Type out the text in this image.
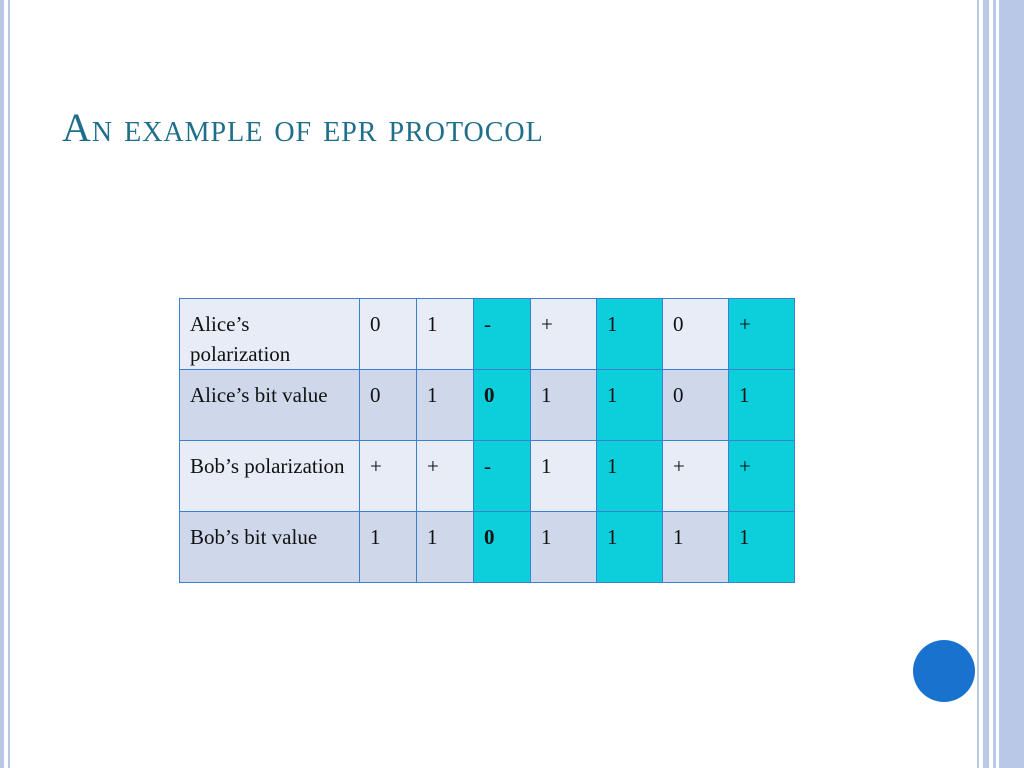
An example of epr protocol
Alice’s polarization	0	1	-	+	1	0	+
Alice’s bit value	0	1	0	1	1	0	1
Bob’s polarization	+	+	-	1	1	+	+
Bob’s bit value	1	1	0	1	1	1	1
